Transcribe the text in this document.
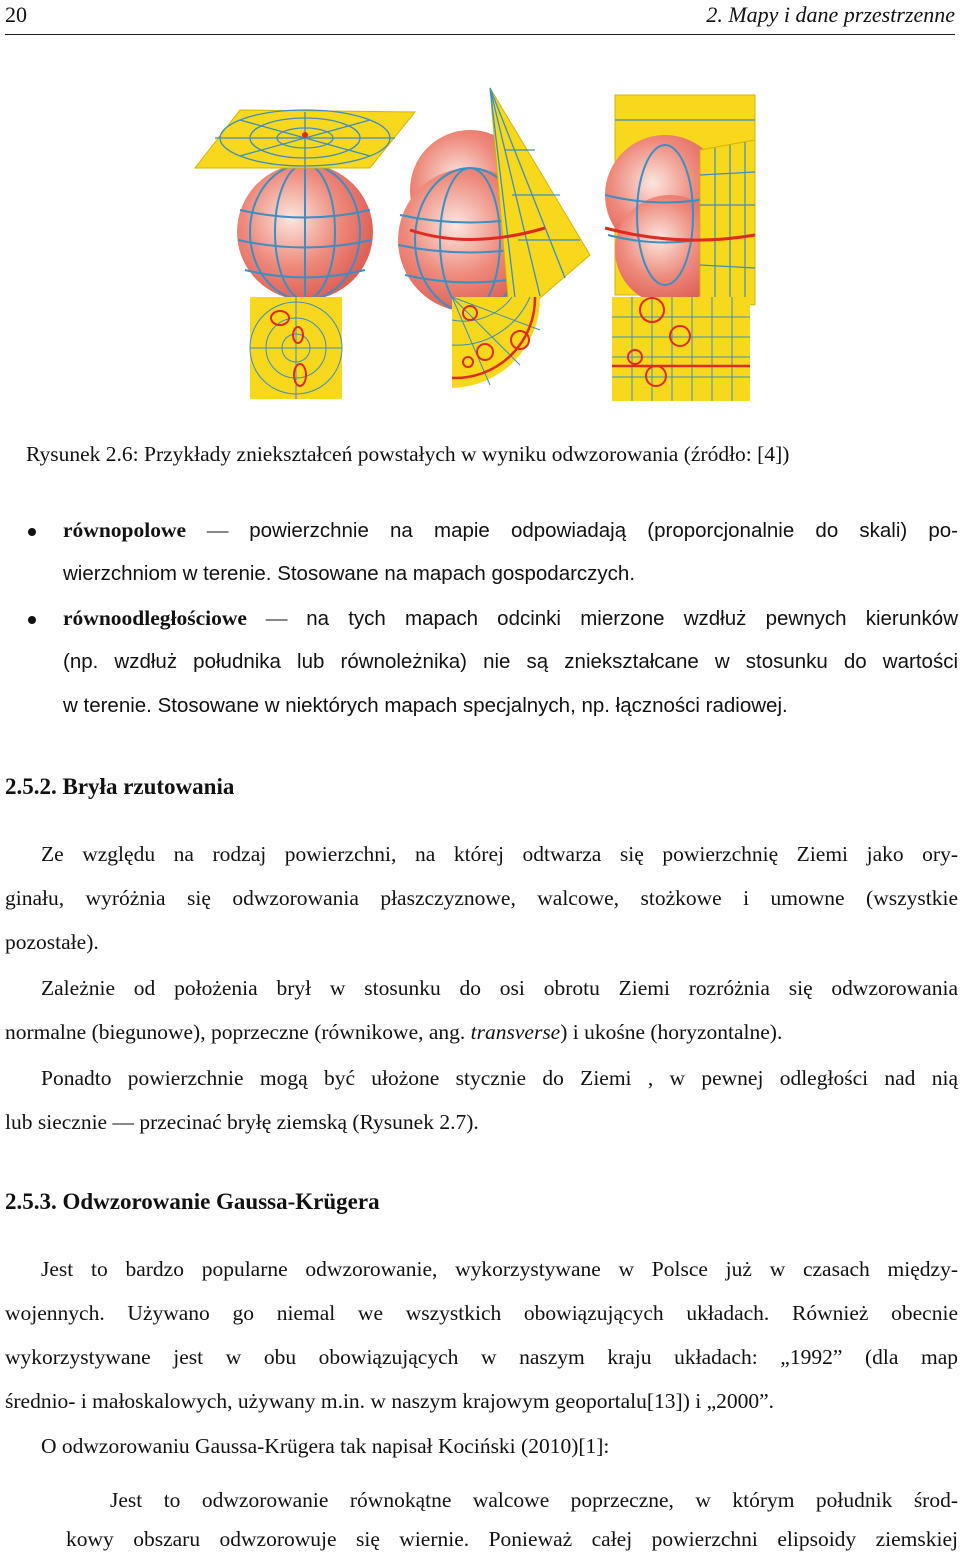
20	2. Mapy i dane przestrzenne
Rysunek 2.6: Przykłady zniekształceń powstałych w wyniku odwzorowania (źródło: [4])
równopolowe — powierzchnie na mapie odpowiadają (proporcjonalnie do skali) po-
wierzchniom w terenie. Stosowane na mapach gospodarczych.
równoodległościowe — na tych mapach odcinki mierzone wzdłuż pewnych kierunków
(np. wzdłuż południka lub równoleżnika) nie są zniekształcane w stosunku do wartości
w terenie. Stosowane w niektórych mapach specjalnych, np. łączności radiowej.
2.5.2. Bryła rzutowania
Ze względu na rodzaj powierzchni, na której odtwarza się powierzchnię Ziemi jako ory-
ginału, wyróżnia się odwzorowania płaszczyznowe, walcowe, stożkowe i umowne (wszystkie
pozostałe).
Zależnie od położenia brył w stosunku do osi obrotu Ziemi rozróżnia się odwzorowania
normalne (biegunowe), poprzeczne (równikowe, ang. transverse) i ukośne (horyzontalne).
Ponadto powierzchnie mogą być ułożone stycznie do Ziemi , w pewnej odległości nad nią
lub siecznie — przecinać bryłę ziemską (Rysunek 2.7).
2.5.3. Odwzorowanie Gaussa-Krügera
Jest to bardzo popularne odwzorowanie, wykorzystywane w Polsce już w czasach między-
wojennych. Używano go niemal we wszystkich obowiązujących układach. Również obecnie
wykorzystywane jest w obu obowiązujących w naszym kraju układach: „1992” (dla map
średnio- i małoskalowych, używany m.in. w naszym krajowym geoportalu[13]) i „2000”.
O odwzorowaniu Gaussa-Krügera tak napisał Kociński (2010)[1]:
Jest to odwzorowanie równokątne walcowe poprzeczne, w którym południk środ-
kowy obszaru odwzorowuje się wiernie. Ponieważ całej powierzchni elipsoidy ziemskiej
